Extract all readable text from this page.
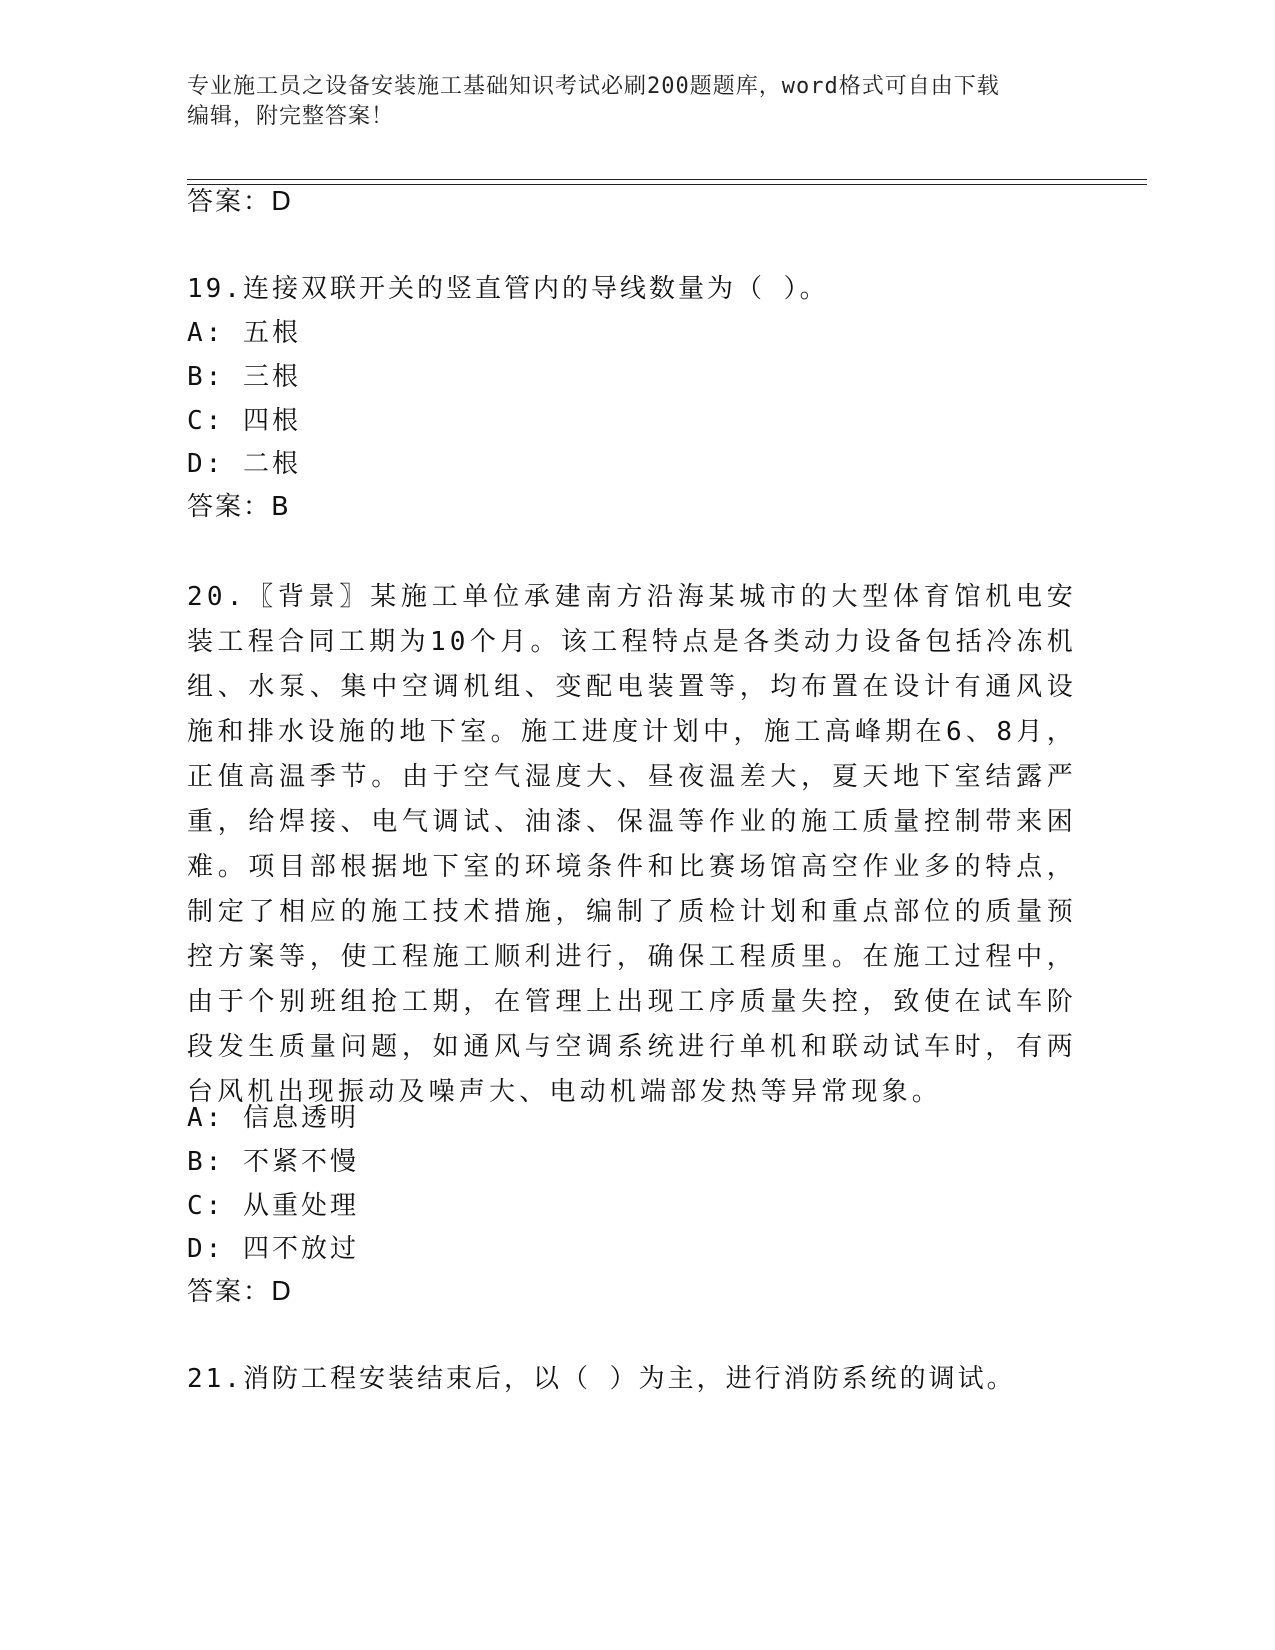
专业施工员之设备安装施工基础知识考试必刷200题题库，word格式可自由下载
编辑，附完整答案！
答案：D
19.连接双联开关的竖直管内的导线数量为（ ）。
A: 五根
B: 三根
C: 四根
D: 二根
答案：B
20.〖背景〗某施工单位承建南方沿海某城市的大型体育馆机电安装工程合同工期为10个月。该工程特点是各类动力设备包括冷冻机组、水泵、集中空调机组、变配电装置等，均布置在设计有通风设施和排水设施的地下室。施工进度计划中，施工高峰期在6、8月，正值高温季节。由于空气湿度大、昼夜温差大，夏天地下室结露严重，给焊接、电气调试、油漆、保温等作业的施工质量控制带来困难。项目部根据地下室的环境条件和比赛场馆高空作业多的特点，制定了相应的施工技术措施，编制了质检计划和重点部位的质量预控方案等，使工程施工顺利进行，确保工程质里。在施工过程中，由于个别班组抢工期，在管理上出现工序质量失控，致使在试车阶段发生质量问题，如通风与空调系统进行单机和联动试车时，有两台风机出现振动及噪声大、电动机端部发热等异常现象。
A: 信息透明
B: 不紧不慢
C: 从重处理
D: 四不放过
答案：D
21.消防工程安装结束后，以（ ）为主，进行消防系统的调试。
